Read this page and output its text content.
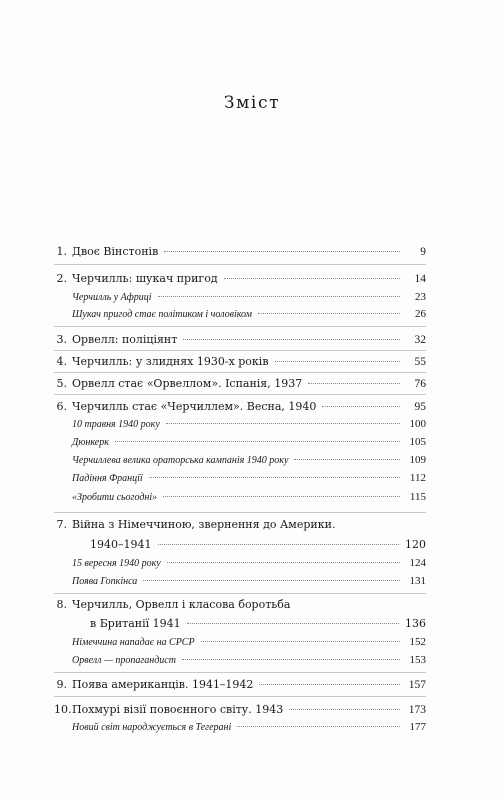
Зміст
1. Двоє Вінстонів	9
2. Черчилль: шукач пригод	14
Черчилль у Африці	23
Шукач пригод стає політиком і чоловіком	26
3. Орвелл: поліціянт	32
4. Черчилль: у злиднях 1930-х років	55
5. Орвелл стає «Орвеллом». Іспанія, 1937	76
6. Черчилль стає «Черчиллем». Весна, 1940	95
10 травня 1940 року	100
Дюнкерк	105
Черчиллева велика ораторська кампанія 1940 року	109
Падіння Франції	112
«Зробити сьогодні»	115
7. Війна з Німеччиною, звернення до Америки.
1940–1941	120
15 вересня 1940 року	124
Поява Гопкінса	131
8. Черчилль, Орвелл і класова боротьба
в Британії 1941	136
Німеччина нападає на СРСР	152
Орвелл — пропагандист	153
9. Поява американців. 1941–1942	157
10. Похмурі візії повоєнного світу. 1943	173
Новий світ народжується в Тегерані	177
